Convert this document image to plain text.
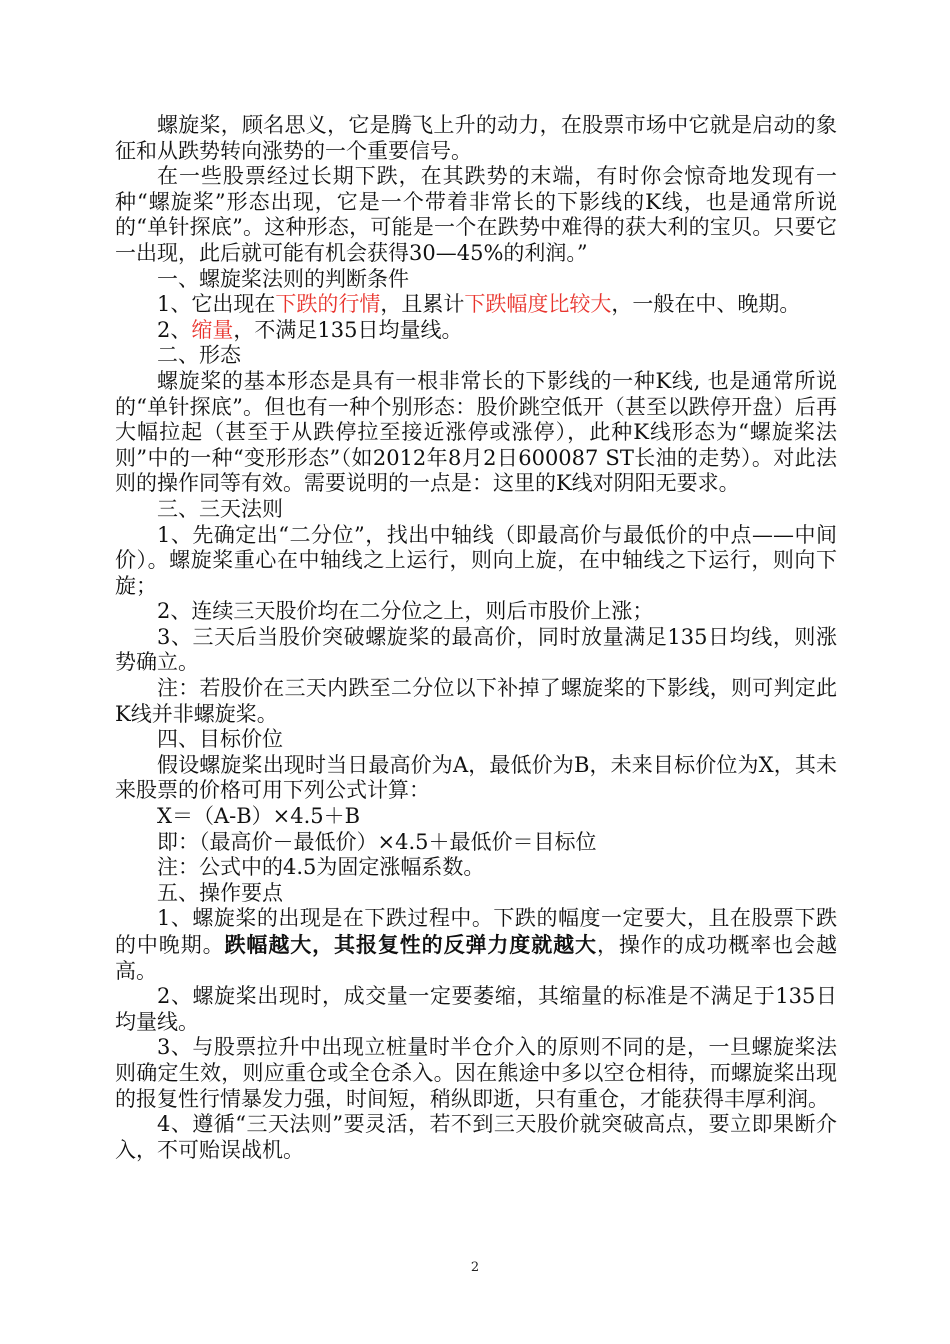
螺旋桨，顾名思义，它是腾飞上升的动力，在股票市场中它就是启动的象征和从跌势转向涨势的一个重要信号。

在一些股票经过长期下跌，在其跌势的末端，有时你会惊奇地发现有一种“螺旋桨”形态出现，它是一个带着非常长的下影线的K线，也是通常所说的“单针探底”。这种形态，可能是一个在跌势中难得的获大利的宝贝。只要它一出现，此后就可能有机会获得30—45%的利润。”

一、螺旋桨法则的判断条件

1、它出现在下跌的行情，且累计下跌幅度比较大，一般在中、晚期。

2、缩量，不满足135日均量线。

二、形态

螺旋桨的基本形态是具有一根非常长的下影线的一种K线, 也是通常所说的“单针探底”。但也有一种个别形态：股价跳空低开（甚至以跌停开盘）后再大幅拉起（甚至于从跌停拉至接近涨停或涨停），此种K线形态为“螺旋桨法则”中的一种“变形形态”（如2012年8月2日600087 ST长油的走势）。对此法则的操作同等有效。需要说明的一点是：这里的K线对阴阳无要求。

三、三天法则

1、先确定出“二分位”，找出中轴线（即最高价与最低价的中点——中间价）。螺旋桨重心在中轴线之上运行，则向上旋，在中轴线之下运行，则向下旋；

2、连续三天股价均在二分位之上，则后市股价上涨；

3、三天后当股价突破螺旋桨的最高价，同时放量满足135日均线，则涨势确立。

注：若股价在三天内跌至二分位以下补掉了螺旋桨的下影线，则可判定此K线并非螺旋桨。

四、目标价位

假设螺旋桨出现时当日最高价为A，最低价为B，未来目标价位为X，其未来股票的价格可用下列公式计算：

X＝（A-B）×4.5＋B

即：（最高价－最低价）×4.5＋最低价＝目标位

注：公式中的4.5为固定涨幅系数。

五、操作要点

1、螺旋桨的出现是在下跌过程中。下跌的幅度一定要大，且在股票下跌的中晚期。跌幅越大，其报复性的反弹力度就越大，操作的成功概率也会越高。

2、螺旋桨出现时，成交量一定要萎缩，其缩量的标准是不满足于135日均量线。

3、与股票拉升中出现立桩量时半仓介入的原则不同的是，一旦螺旋桨法则确定生效，则应重仓或全仓杀入。因在熊途中多以空仓相待，而螺旋桨出现的报复性行情暴发力强，时间短，稍纵即逝，只有重仓，才能获得丰厚利润。

4、遵循“三天法则”要灵活，若不到三天股价就突破高点，要立即果断介入，不可贻误战机。

2
